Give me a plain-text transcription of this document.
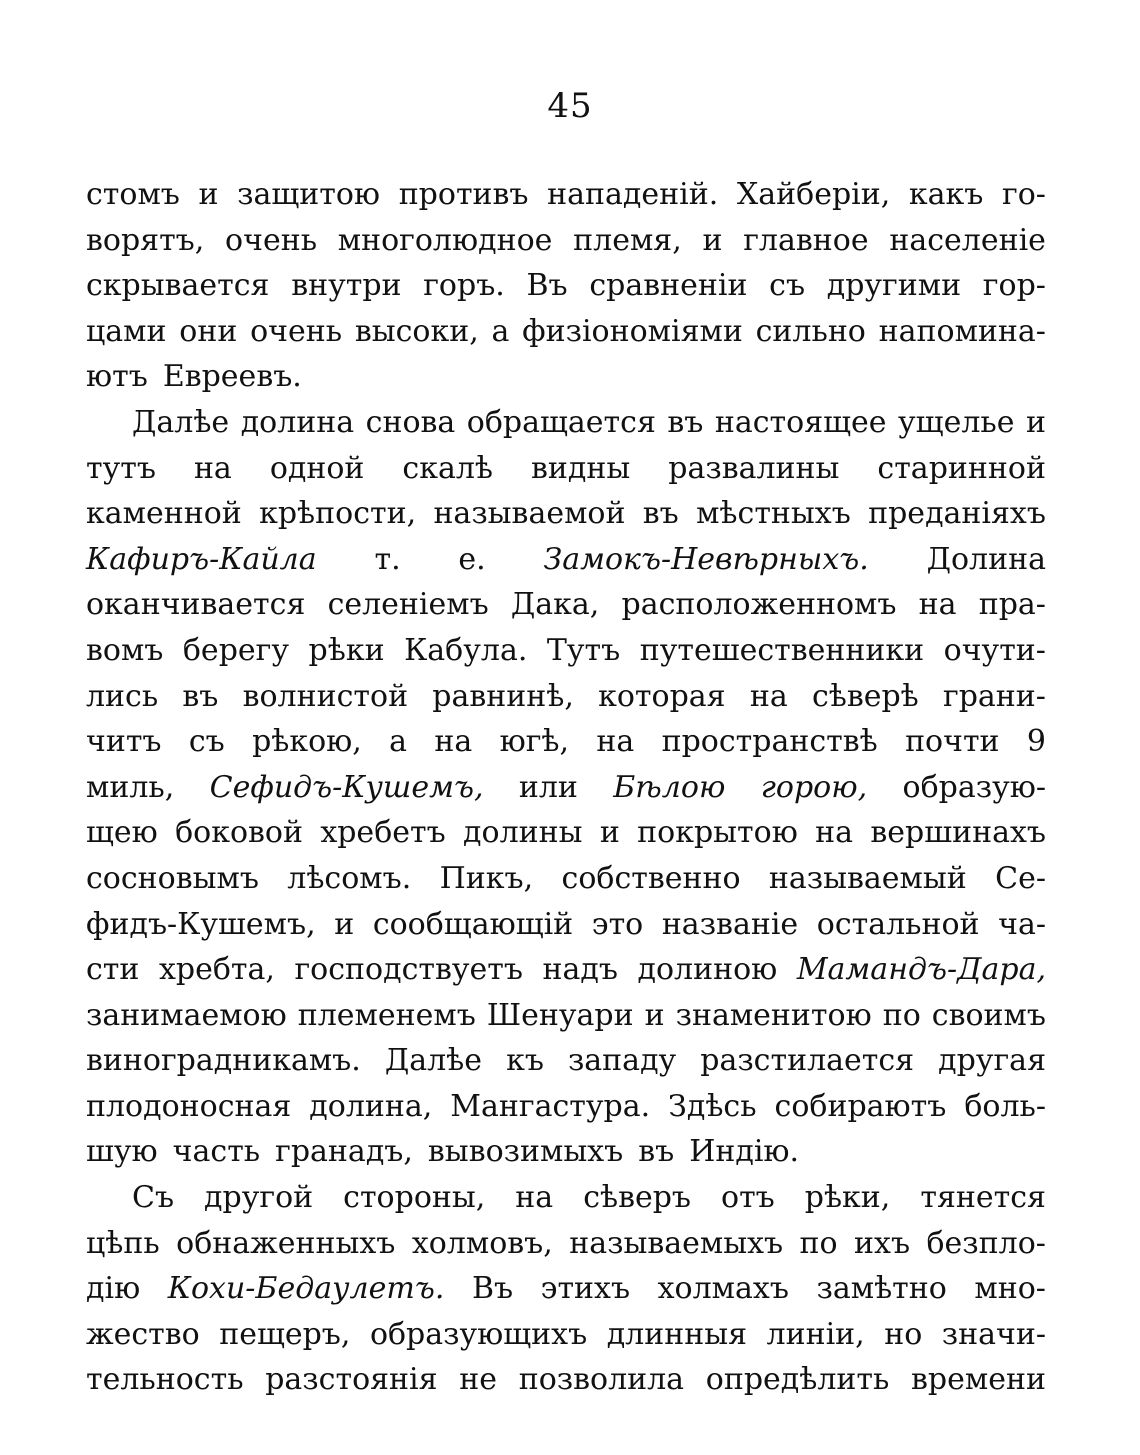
45
стомъ и защитою противъ нападеній. Хайберіи, какъ го-
ворятъ, очень многолюдное племя, и главное населеніе
скрывается внутри горъ. Въ сравненіи съ другими гор-
цами они очень высоки, а физіономіями сильно напомина-
ютъ Евреевъ.
Далѣе долина снова обращается въ настоящее ущелье и
тутъ на одной скалѣ видны развалины старинной
каменной крѣпости, называемой въ мѣстныхъ преданіяхъ
Кафиръ-Кайла т. е. Замокъ-Невѣрныхъ. Долина
оканчивается селеніемъ Дака, расположенномъ на пра-
вомъ берегу рѣки Кабула. Тутъ путешественники очути-
лись въ волнистой равнинѣ, которая на сѣверѣ грани-
читъ съ рѣкою, а на югѣ, на пространствѣ почти 9
миль, Сефидъ-Кушемъ, или Бѣлою горою, образую-
щею боковой хребетъ долины и покрытою на вершинахъ
сосновымъ лѣсомъ. Пикъ, собственно называемый Се-
фидъ-Кушемъ, и сообщающій это названіе остальной ча-
сти хребта, господствуетъ надъ долиною Мамандъ-Дара,
занимаемою племенемъ Шенуари и знаменитою по своимъ
виноградникамъ. Далѣе къ западу разстилается другая
плодоносная долина, Мангастура. Здѣсь собираютъ боль-
шую часть гранадъ, вывозимыхъ въ Индію.
Съ другой стороны, на сѣверъ отъ рѣки, тянется
цѣпь обнаженныхъ холмовъ, называемыхъ по ихъ безпло-
дію Кохи-Бедаулетъ. Въ этихъ холмахъ замѣтно мно-
жество пещеръ, образующихъ длинныя линіи, но значи-
тельность разстоянія не позволила опредѣлить времени
